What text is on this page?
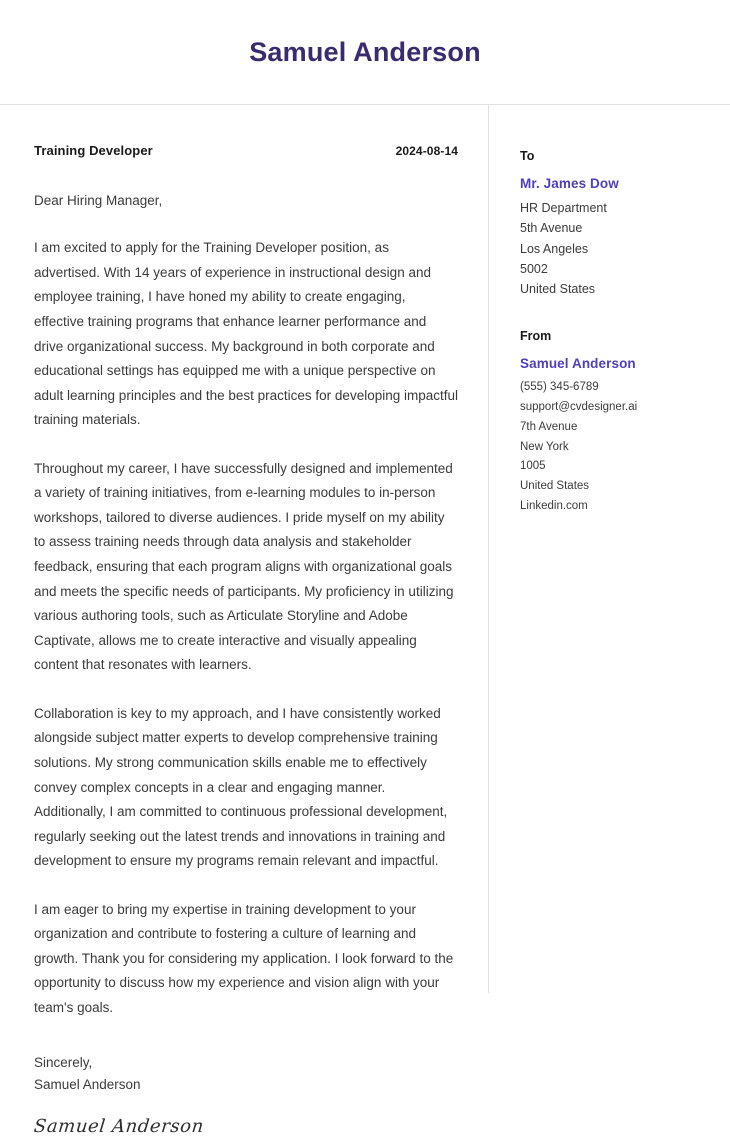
Samuel Anderson
Training Developer	2024-08-14
Dear Hiring Manager,

I am excited to apply for the Training Developer position, as advertised. With 14 years of experience in instructional design and employee training, I have honed my ability to create engaging, effective training programs that enhance learner performance and drive organizational success. My background in both corporate and educational settings has equipped me with a unique perspective on adult learning principles and the best practices for developing impactful training materials.

Throughout my career, I have successfully designed and implemented a variety of training initiatives, from e-learning modules to in-person workshops, tailored to diverse audiences. I pride myself on my ability to assess training needs through data analysis and stakeholder feedback, ensuring that each program aligns with organizational goals and meets the specific needs of participants. My proficiency in utilizing various authoring tools, such as Articulate Storyline and Adobe Captivate, allows me to create interactive and visually appealing content that resonates with learners.

Collaboration is key to my approach, and I have consistently worked alongside subject matter experts to develop comprehensive training solutions. My strong communication skills enable me to effectively convey complex concepts in a clear and engaging manner. Additionally, I am committed to continuous professional development, regularly seeking out the latest trends and innovations in training and development to ensure my programs remain relevant and impactful.

I am eager to bring my expertise in training development to your organization and contribute to fostering a culture of learning and growth. Thank you for considering my application. I look forward to the opportunity to discuss how my experience and vision align with your team's goals.

Sincerely,
Samuel Anderson
Samuel Anderson
To
Mr. James Dow
HR Department
5th Avenue
Los Angeles
5002
United States
From
Samuel Anderson
(555) 345-6789
support@cvdesigner.ai
7th Avenue
New York
1005
United States
Linkedin.com
